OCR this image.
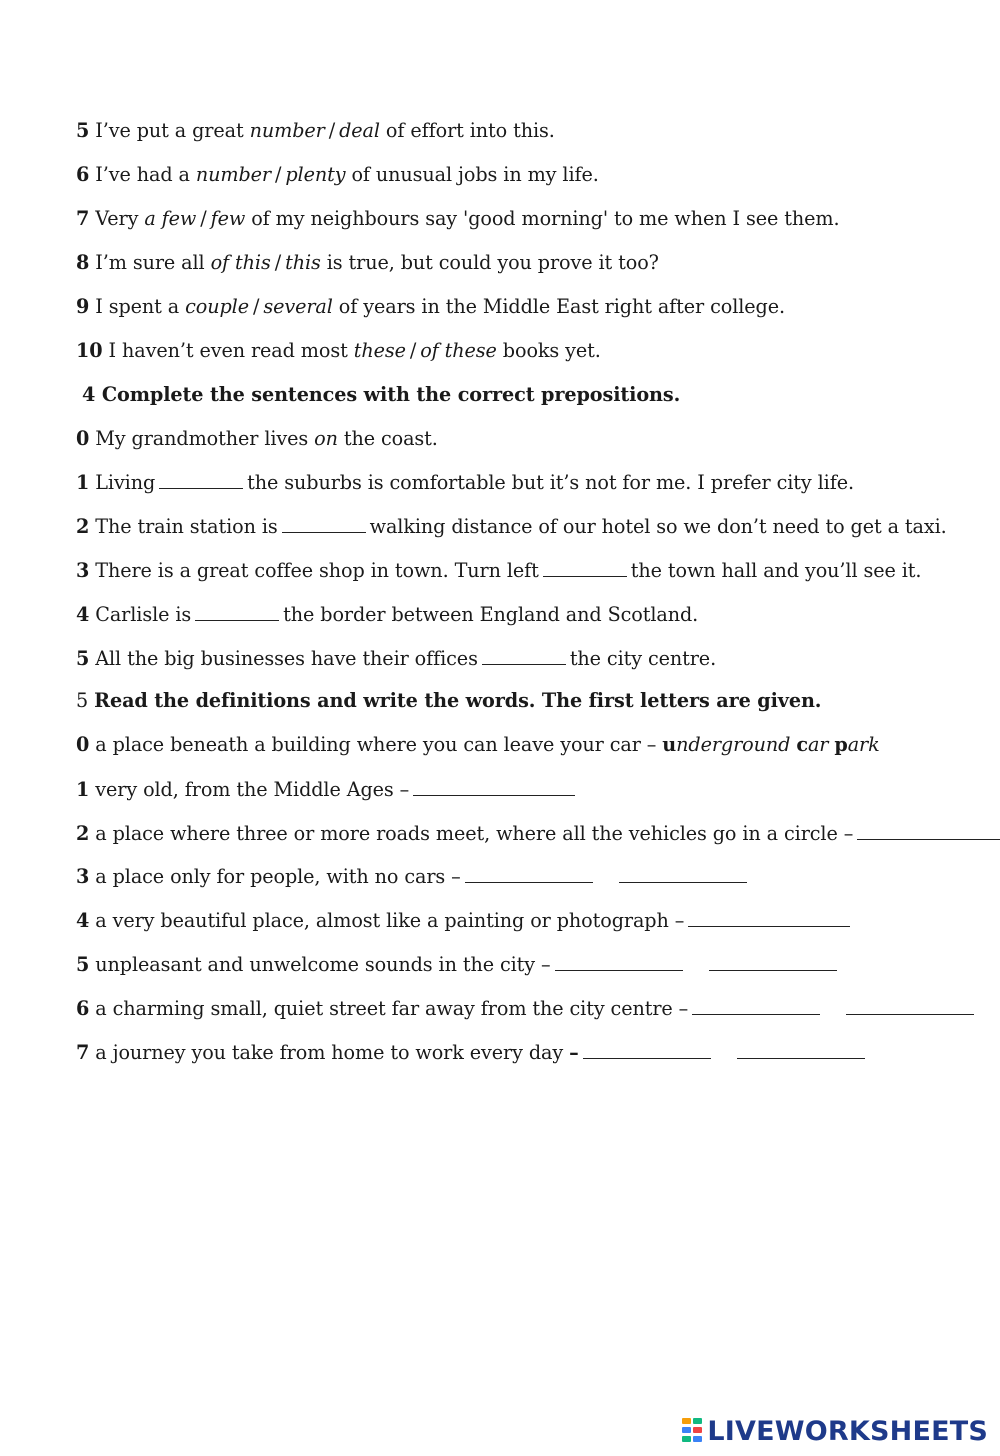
5 I’ve put a great number / deal of effort into this.
6 I’ve had a number / plenty of unusual jobs in my life.
7 Very a few / few of my neighbours say 'good morning' to me when I see them.
8 I’m sure all of this / this is true, but could you prove it too?
9 I spent a couple / several of years in the Middle East right after college.
10 I haven’t even read most these / of these books yet.
4 Complete the sentences with the correct prepositions.
0 My grandmother lives on the coast.
1 Living	the suburbs is comfortable but it’s not for me. I prefer city life.
2 The train station is	walking distance of our hotel so we don’t need to get a taxi.
3 There is a great coffee shop in town. Turn left	the town hall and you’ll see it.
4 Carlisle is	the border between England and Scotland.
5 All the big businesses have their offices	the city centre.
5 Read the definitions and write the words. The first letters are given.
0 a place beneath a building where you can leave your car – underground car park
1 very old, from the Middle Ages –
2 a place where three or more roads meet, where all the vehicles go in a circle –
3 a place only for people, with no cars –
4 a very beautiful place, almost like a painting or photograph –
5 unpleasant and unwelcome sounds in the city –
6 a charming small, quiet street far away from the city centre –
7 a journey you take from home to work every day –
LIVEWORKSHEETS
